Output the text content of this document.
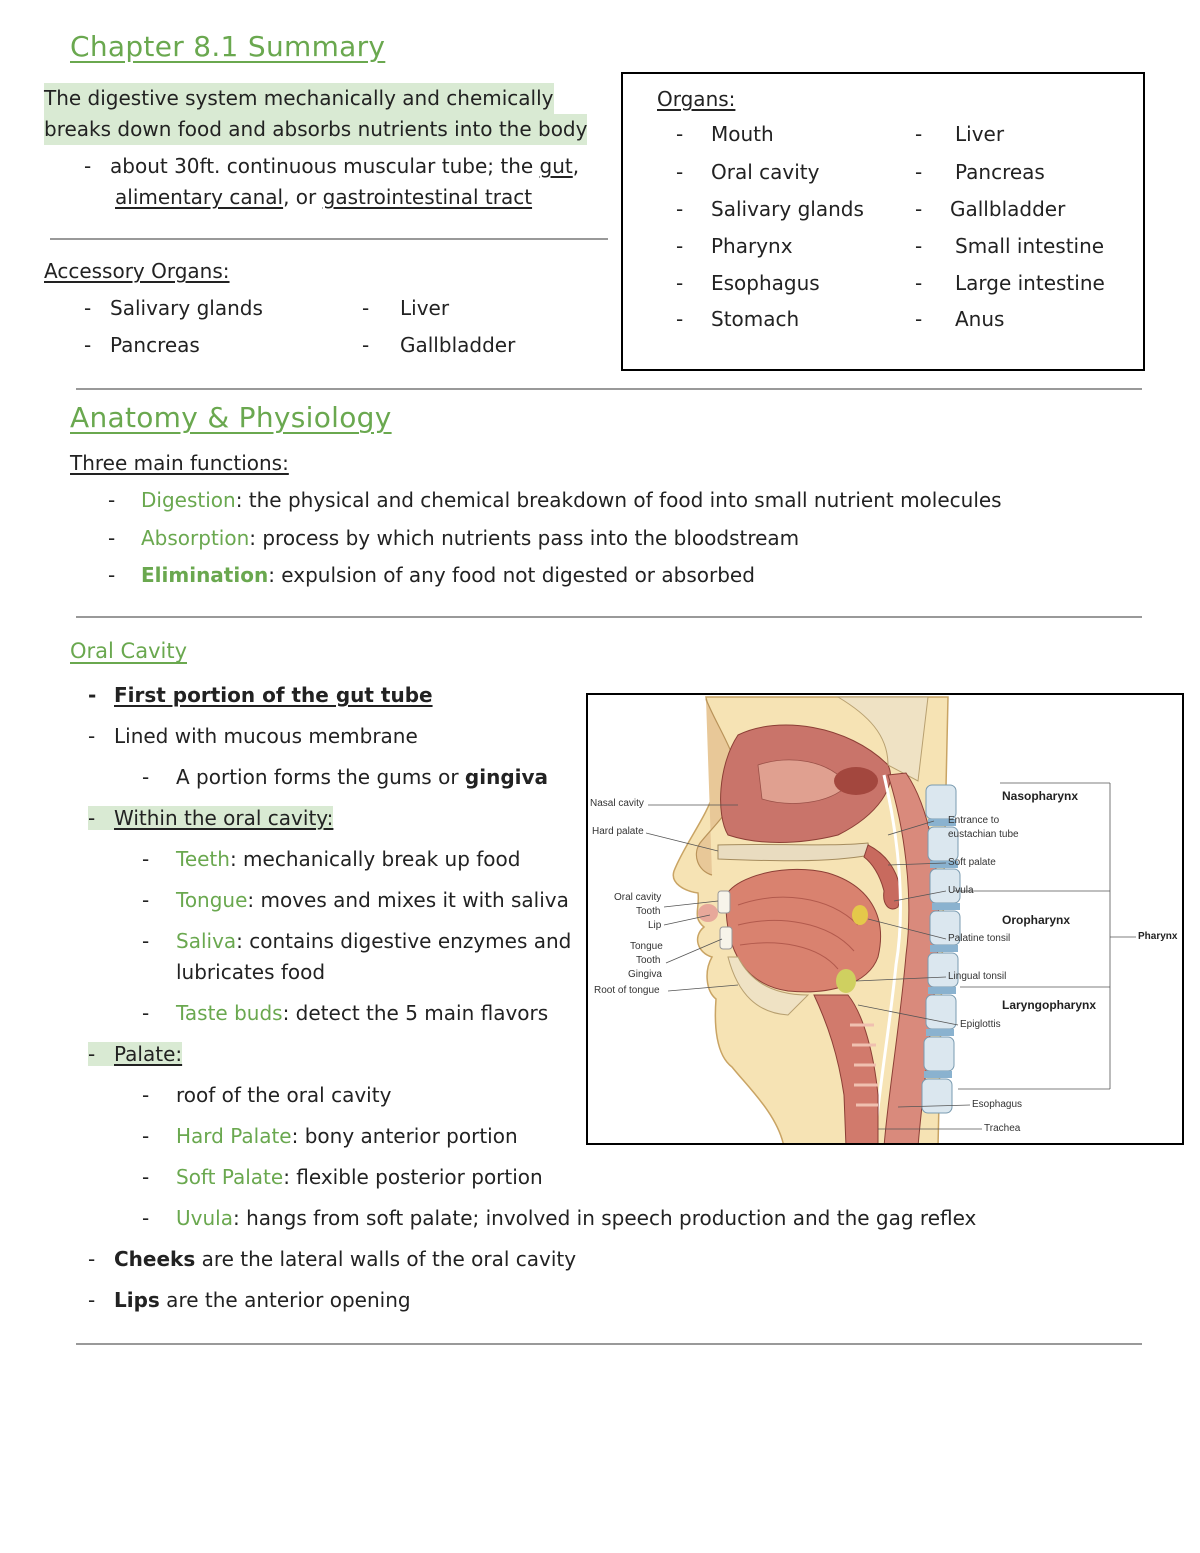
Chapter 8.1 Summary
The digestive system mechanically and chemically
breaks down food and absorbs nutrients into the body
- about 30ft. continuous muscular tube; the gut,
alimentary canal, or gastrointestinal tract
Accessory Organs:
- Salivary glands	- Liver
- Pancreas	- Gallbladder
Organs:
- Mouth
- Oral cavity
- Salivary glands
- Pharynx
- Esophagus
- Stomach
- Liver
- Pancreas
- Gallbladder
- Small intestine
- Large intestine
- Anus
Anatomy & Physiology
Three main functions:
- Digestion: the physical and chemical breakdown of food into small nutrient molecules
- Absorption: process by which nutrients pass into the bloodstream
- Elimination: expulsion of any food not digested or absorbed
Oral Cavity
- First portion of the gut tube
- Lined with mucous membrane
- A portion forms the gums or gingiva
- Within the oral cavity:
- Teeth: mechanically break up food
- Tongue: moves and mixes it with saliva
- Saliva: contains digestive enzymes and
lubricates food
- Taste buds: detect the 5 main flavors
- Palate:
- roof of the oral cavity
- Hard Palate: bony anterior portion
- Soft Palate: flexible posterior portion
- Uvula: hangs from soft palate; involved in speech production and the gag reflex
- Cheeks are the lateral walls of the oral cavity
- Lips are the anterior opening
Nasal cavity
Hard palate
Oral cavity
Tooth
Lip
Tongue
Tooth
Gingiva
Root of tongue
Entrance to
eustachian tube
Soft palate
Uvula
Palatine tonsil
Lingual tonsil
Epiglottis
Esophagus
Trachea
Nasopharynx
Oropharynx
Laryngopharynx
Pharynx
